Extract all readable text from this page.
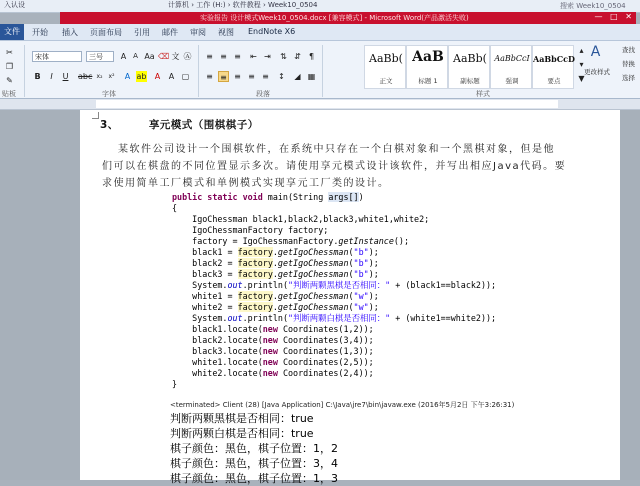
入认设	计算机 › 工作 (H:) › 软件教程 › Week10_0504	搜索 Week10_0504
实验报告 设计模式Week10_0504.docx [兼容模式] - Microsoft Word(产品激活失败)	— □ ✕
文件	开始 插入 页面布局 引用 邮件 审阅 视图 EndNote X6
✂
❐
✎
贴板
宋体	三号	A A Aa ⌫ 文 Ⓐ
B	I	U	abc x₂	x²	A ab	A	A ▢
字体
≡ ≡ ≡ ⇤ ⇥ ⇅ ⇵	¶
≡ ≡ ≡ ≡ ≡ ↕	◢ ▦
段落
AaBb(
正文
AaB
标题 1
AaBb(
副标题
AaBbCcI
强调
AaBbCcD
要点
▴
▾
▼
样式
A
更改样式
查找
替换
选择
3、	享元模式（围棋棋子）
某软件公司设计一个围棋软件，在系统中只存在一个白棋对象和一个黑棋对象，但是他
们可以在棋盘的不同位置显示多次。请使用享元模式设计该软件，并写出相应Java代码。要
求使用简单工厂模式和单例模式实现享元工厂类的设计。
public static void main(String args[])
{
IgoChessman black1,black2,black3,white1,white2;
IgoChessmanFactory factory;
factory = IgoChessmanFactory.getInstance();
black1 = factory.getIgoChessman("b");
black2 = factory.getIgoChessman("b");
black3 = factory.getIgoChessman("b");
System.out.println("判断两颗黑棋是否相同：" + (black1==black2));
white1 = factory.getIgoChessman("w");
white2 = factory.getIgoChessman("w");
System.out.println("判断两颗白棋是否相同：" + (white1==white2));
black1.locate(new Coordinates(1,2));
black2.locate(new Coordinates(3,4));
black3.locate(new Coordinates(1,3));
white1.locate(new Coordinates(2,5));
white2.locate(new Coordinates(2,4));
}
<terminated> Client (28) [Java Application] C:\Java\jre7\bin\javaw.exe (2016年5月2日 下午3:26:31)
判断两颗黑棋是否相同：true
判断两颗白棋是否相同：true
棋子颜色：黑色，棋子位置：1，2
棋子颜色：黑色，棋子位置：3，4
棋子颜色：黑色，棋子位置：1，3
